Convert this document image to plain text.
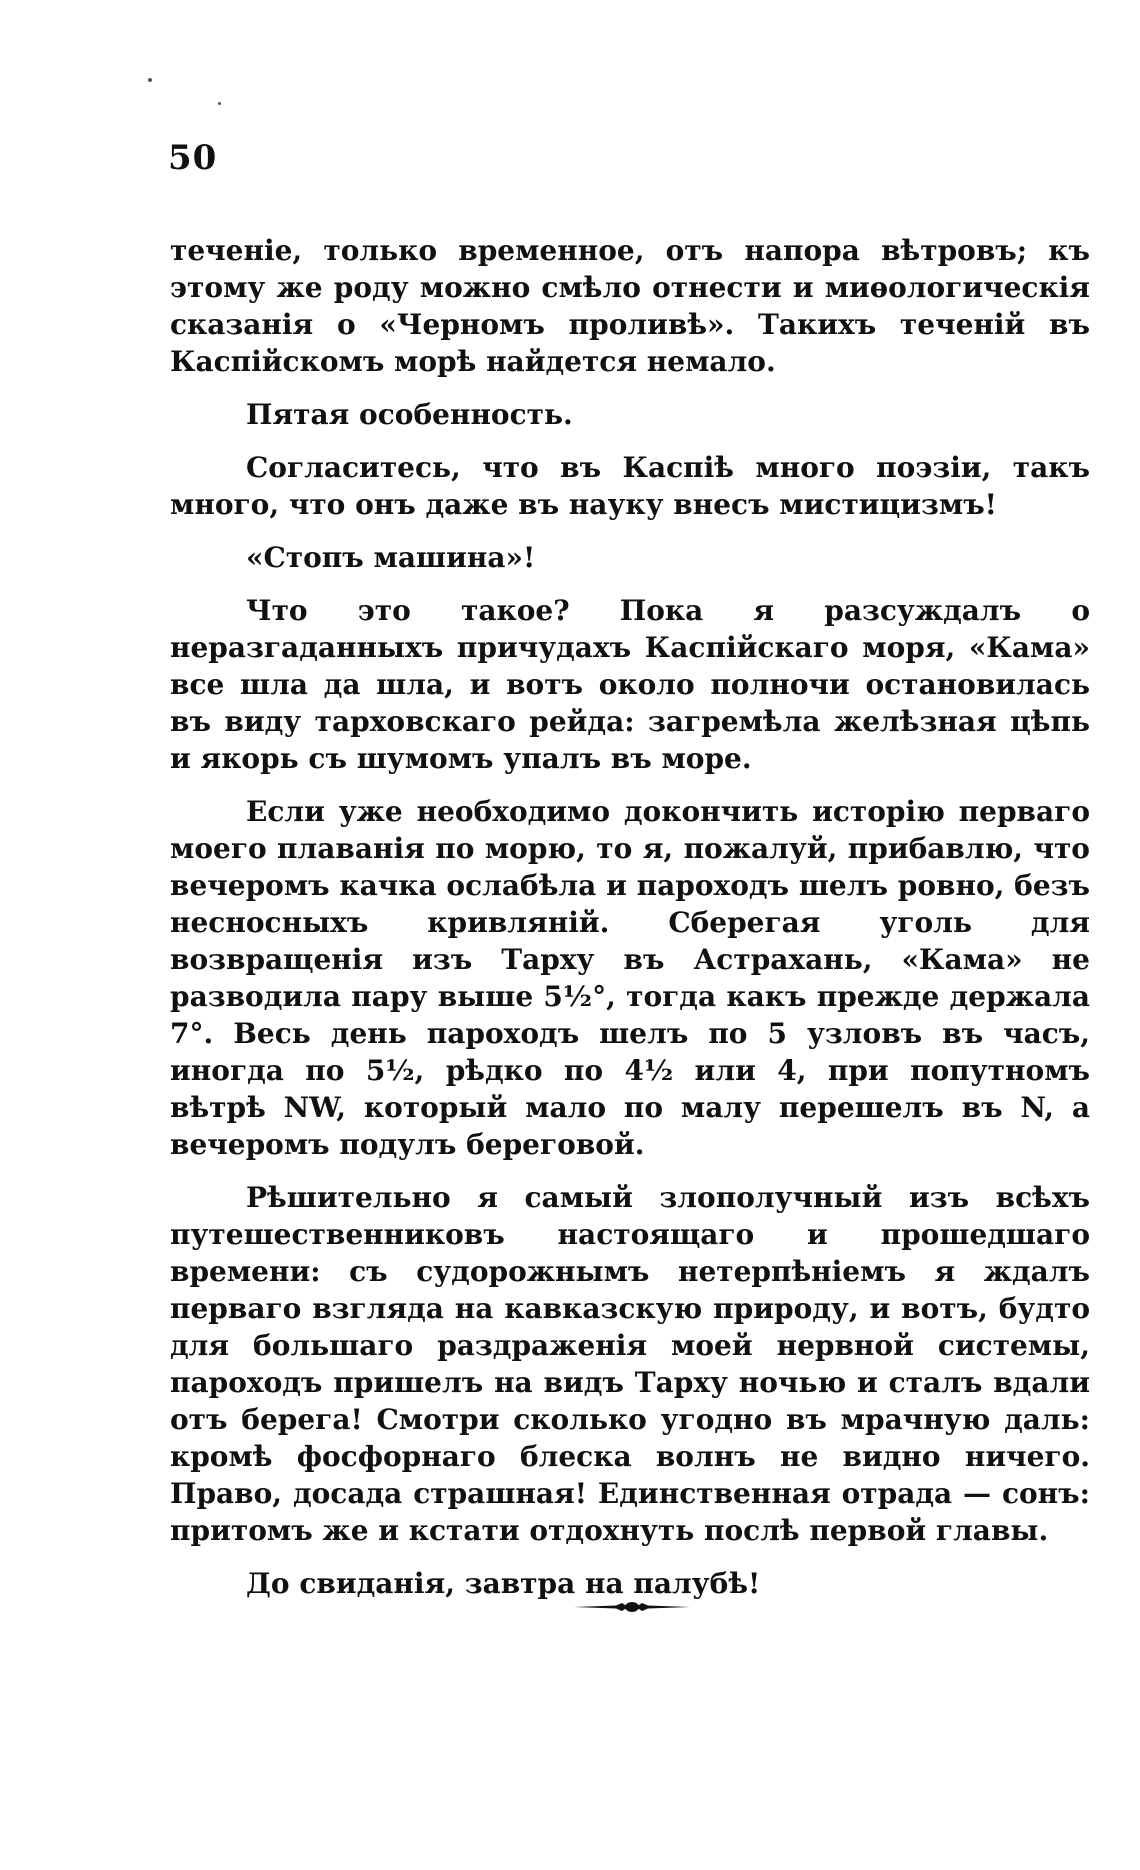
50

теченіе, только временное, отъ напора вѣтровъ; къ этому же роду можно смѣло отнести и миѳологическія сказанія о «Черномъ проливѣ». Такихъ теченій въ Каспійскомъ морѣ найдется немало.

Пятая особенность.

Согласитесь, что въ Каспіѣ много поэзіи, такъ много, что онъ даже въ науку внесъ мистицизмъ!

«Стопъ машина»!

Что это такое? Пока я разсуждалъ о неразгаданныхъ причудахъ Каспійскаго моря, «Кама» все шла да шла, и вотъ около полночи остановилась въ виду тарховскаго рейда: загремѣла желѣзная цѣпь и якорь съ шумомъ упалъ въ море.

Если уже необходимо докончить исторію перваго моего плаванія по морю, то я, пожалуй, прибавлю, что вечеромъ качка ослабѣла и пароходъ шелъ ровно, безъ несносныхъ кривляній. Сберегая уголь для возвращенія изъ Тарху въ Астрахань, «Кама» не разводила пару выше 5½°, тогда какъ прежде держала 7°. Весь день пароходъ шелъ по 5 узловъ въ часъ, иногда по 5½, рѣдко по 4½ или 4, при попутномъ вѣтрѣ NW, который мало по малу перешелъ въ N, а вечеромъ подулъ береговой.

Рѣшительно я самый злополучный изъ всѣхъ путешественниковъ настоящаго и прошедшаго времени: съ судорожнымъ нетерпѣніемъ я ждалъ перваго взгляда на кавказскую природу, и вотъ, будто для большаго раздраженія моей нервной системы, пароходъ пришелъ на видъ Тарху ночью и сталъ вдали отъ берега! Смотри сколько угодно въ мрачную даль: кромѣ фосфорнаго блеска волнъ не видно ничего. Право, досада страшная! Единственная отрада — сонъ: притомъ же и кстати отдохнуть послѣ первой главы.

До свиданія, завтра на палубѣ!
